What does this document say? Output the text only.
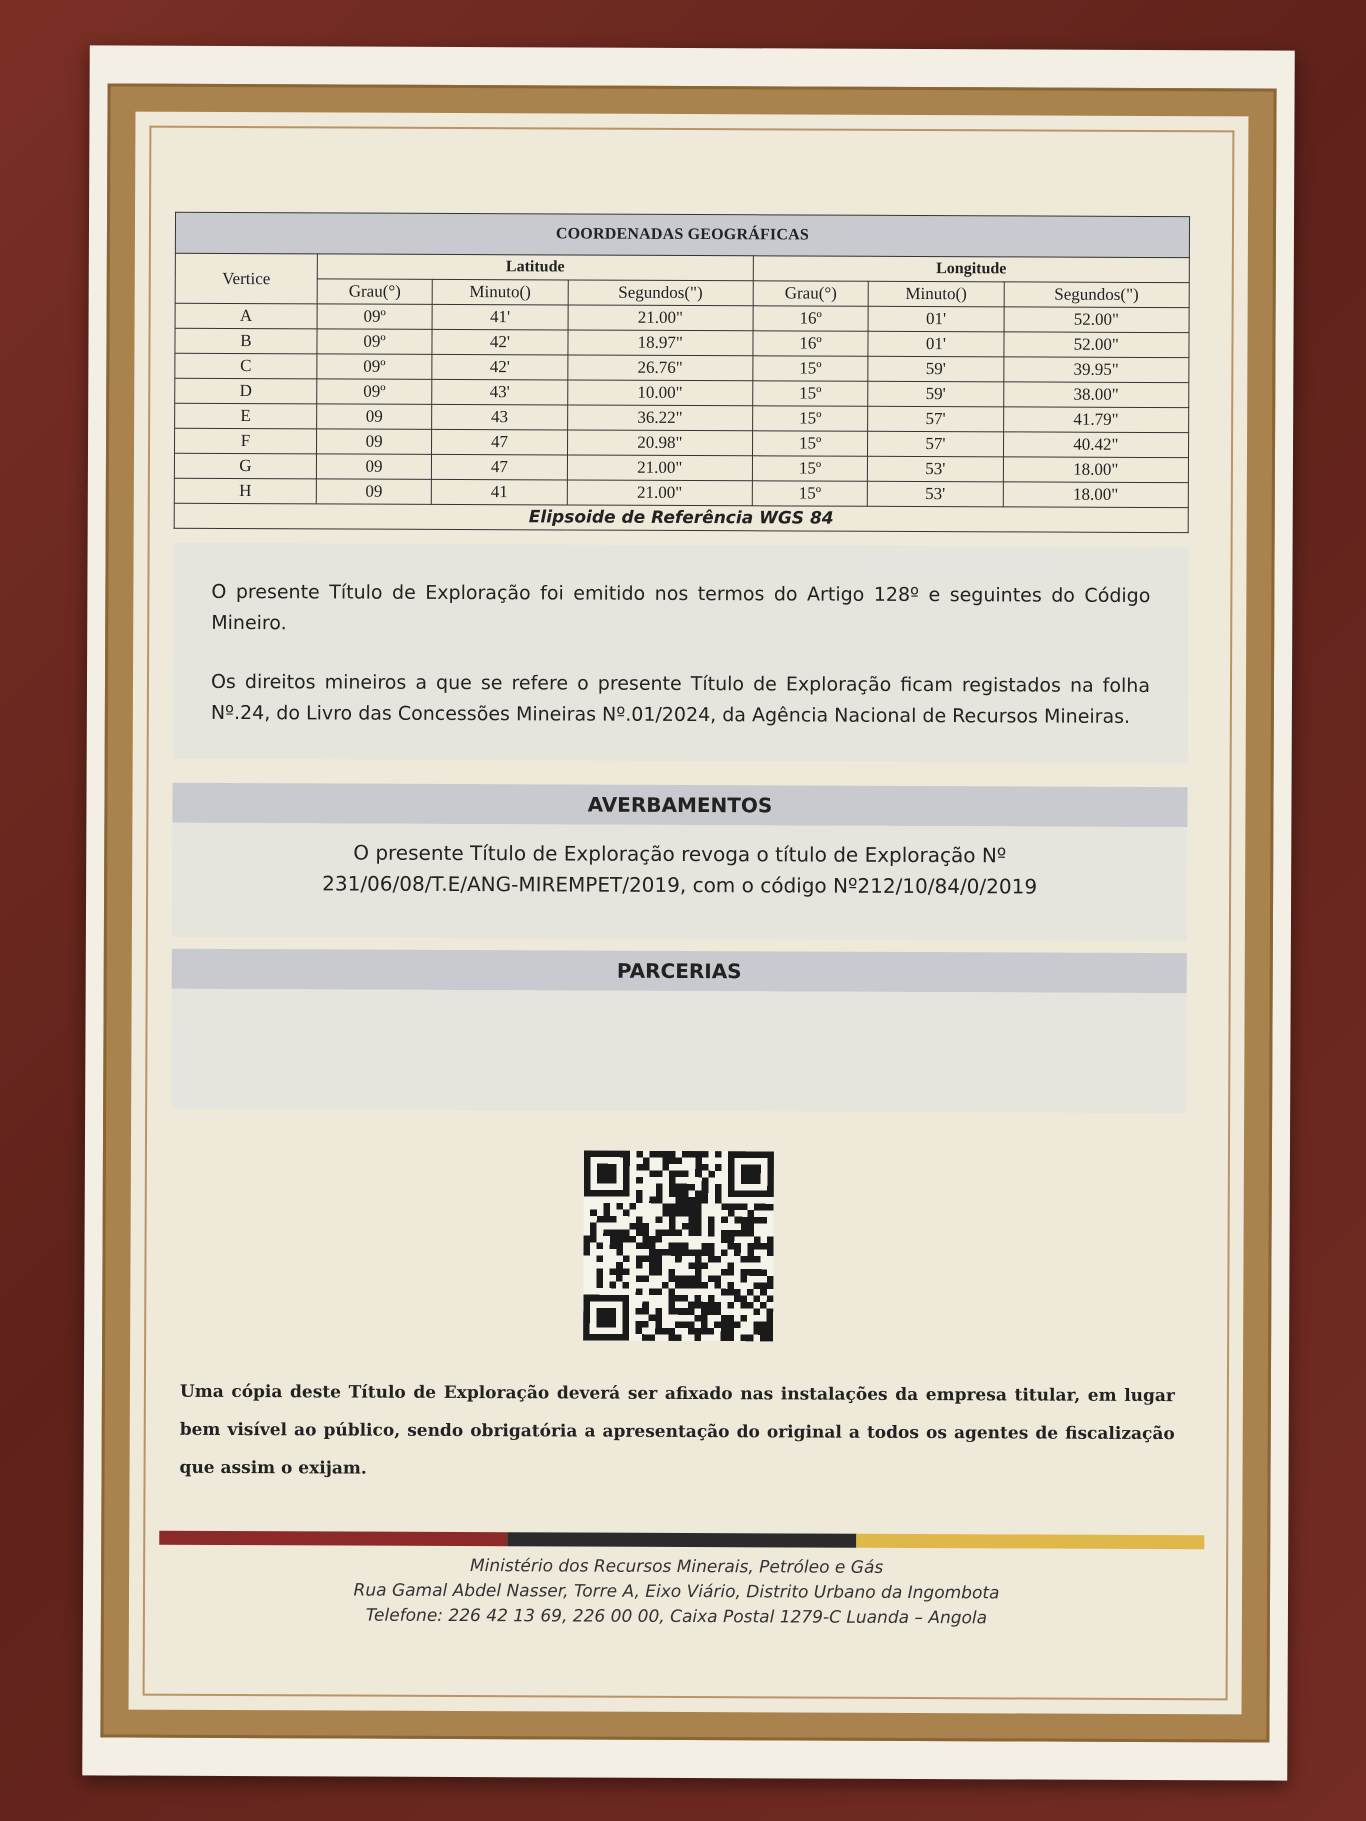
COORDENADAS GEOGRÁFICAS						
Vertice	Latitude			Longitude		
	Grau(°)	Minuto()	Segundos(")	Grau(°)	Minuto()	Segundos(")
A	09º	41'	21.00"	16º	01'	52.00"
B	09º	42'	18.97"	16º	01'	52.00"
C	09º	42'	26.76"	15º	59'	39.95"
D	09º	43'	10.00"	15º	59'	38.00"
E	09	43	36.22"	15º	57'	41.79"
F	09	47	20.98"	15º	57'	40.42"
G	09	47	21.00"	15º	53'	18.00"
H	09	41	21.00"	15º	53'	18.00"
Elipsoide de Referência WGS 84						

O presente Título de Exploração foi emitido nos termos do Artigo 128º e seguintes do Código Mineiro.

Os direitos mineiros a que se refere o presente Título de Exploração ficam registados na folha Nº.24, do Livro das Concessões Mineiras Nº.01/2024, da Agência Nacional de Recursos Mineiras.

AVERBAMENTOS
O presente Título de Exploração revoga o título de Exploração Nº
231/06/08/T.E/ANG-MIREMPET/2019, com o código Nº212/10/84/0/2019
PARCERIAS
Uma cópia deste Título de Exploração deverá ser afixado nas instalações da empresa titular, em lugar bem visível ao público, sendo obrigatória a apresentação do original a todos os agentes de fiscalização que assim o exijam.
Ministério dos Recursos Minerais, Petróleo e Gás
Rua Gamal Abdel Nasser, Torre A, Eixo Viário, Distrito Urbano da Ingombota
Telefone: 226 42 13 69, 226 00 00, Caixa Postal 1279-C Luanda – Angola
